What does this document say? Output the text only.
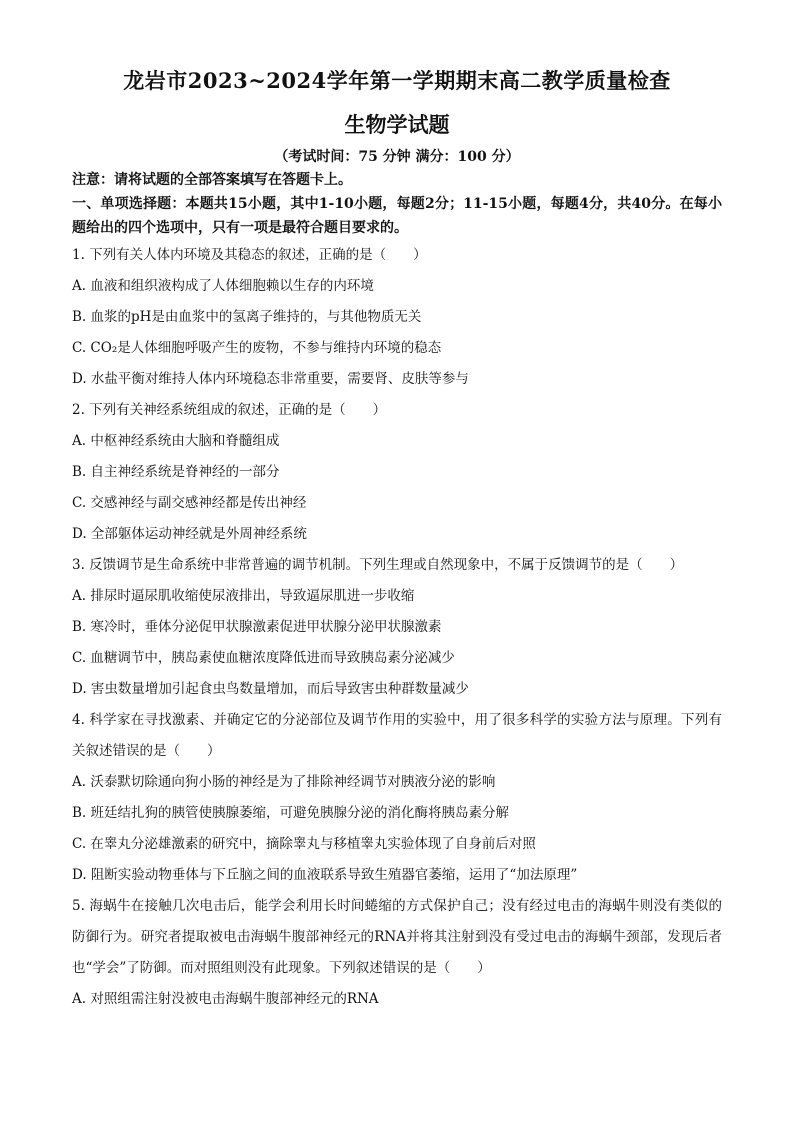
龙岩市2023~2024学年第一学期期末高二教学质量检查
生物学试题

（考试时间：75 分钟 满分：100 分）

注意：请将试题的全部答案填写在答题卡上。

一、单项选择题：本题共15小题，其中1-10小题，每题2分；11-15小题，每题4分，共40分。在每小题给出的四个选项中，只有一项是最符合题目要求的。

1. 下列有关人体内环境及其稳态的叙述，正确的是（　　）

A. 血液和组织液构成了人体细胞赖以生存的内环境

B. 血浆的pH是由血浆中的氢离子维持的，与其他物质无关

C. CO₂是人体细胞呼吸产生的废物，不参与维持内环境的稳态

D. 水盐平衡对维持人体内环境稳态非常重要，需要肾、皮肤等参与

2. 下列有关神经系统组成的叙述，正确的是（　　）

A. 中枢神经系统由大脑和脊髓组成

B. 自主神经系统是脊神经的一部分

C. 交感神经与副交感神经都是传出神经

D. 全部躯体运动神经就是外周神经系统

3. 反馈调节是生命系统中非常普遍的调节机制。下列生理或自然现象中，不属于反馈调节的是（　　）

A. 排尿时逼尿肌收缩使尿液排出，导致逼尿肌进一步收缩

B. 寒冷时，垂体分泌促甲状腺激素促进甲状腺分泌甲状腺激素

C. 血糖调节中，胰岛素使血糖浓度降低进而导致胰岛素分泌减少

D. 害虫数量增加引起食虫鸟数量增加，而后导致害虫种群数量减少

4. 科学家在寻找激素、并确定它的分泌部位及调节作用的实验中，用了很多科学的实验方法与原理。下列有关叙述错误的是（　　）

A. 沃泰默切除通向狗小肠的神经是为了排除神经调节对胰液分泌的影响

B. 班廷结扎狗的胰管使胰腺萎缩，可避免胰腺分泌的消化酶将胰岛素分解

C. 在睾丸分泌雄激素的研究中，摘除睾丸与移植睾丸实验体现了自身前后对照

D. 阻断实验动物垂体与下丘脑之间的血液联系导致生殖器官萎缩，运用了“加法原理”

5. 海蜗牛在接触几次电击后，能学会利用长时间蜷缩的方式保护自己；没有经过电击的海蜗牛则没有类似的防御行为。研究者提取被电击海蜗牛腹部神经元的RNA并将其注射到没有受过电击的海蜗牛颈部，发现后者也“学会”了防御。而对照组则没有此现象。下列叙述错误的是（　　）

A. 对照组需注射没被电击海蜗牛腹部神经元的RNA
